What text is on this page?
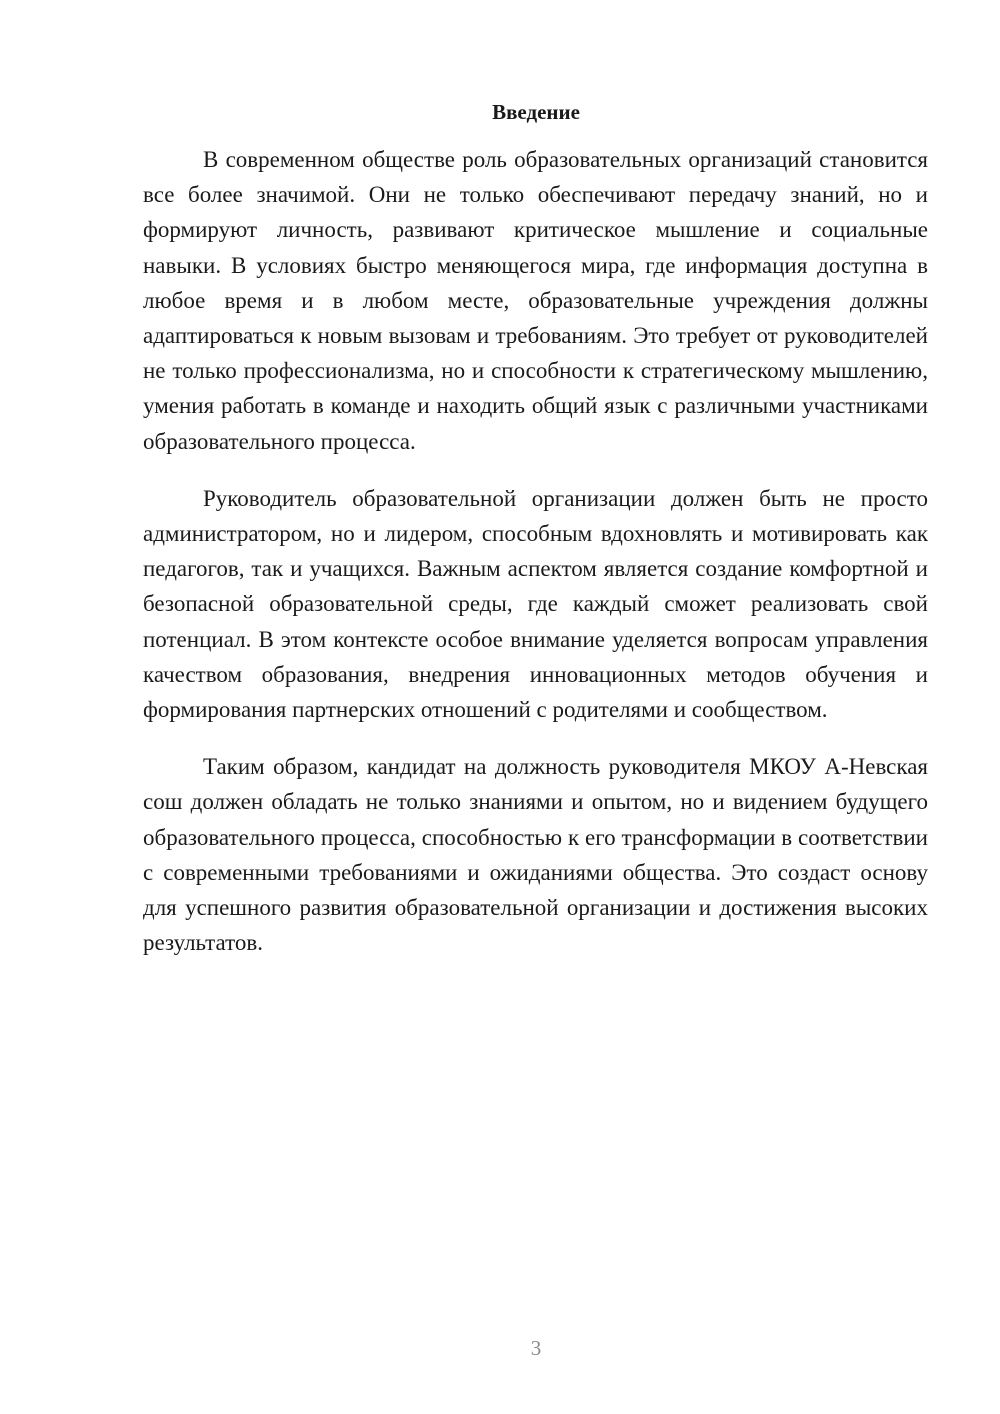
Введение

В современном обществе роль образовательных организаций становится все более значимой. Они не только обеспечивают передачу знаний, но и формируют личность, развивают критическое мышление и социальные навыки. В условиях быстро меняющегося мира, где информация доступна в любое время и в любом месте, образовательные учреждения должны адаптироваться к новым вызовам и требованиям. Это требует от руководителей не только профессионализма, но и способности к стратегическому мышлению, умения работать в команде и находить общий язык с различными участниками образовательного процесса.

Руководитель образовательной организации должен быть не просто администратором, но и лидером, способным вдохновлять и мотивировать как педагогов, так и учащихся. Важным аспектом является создание комфортной и безопасной образовательной среды, где каждый сможет реализовать свой потенциал. В этом контексте особое внимание уделяется вопросам управления качеством образования, внедрения инновационных методов обучения и формирования партнерских отношений с родителями и сообществом.

Таким образом, кандидат на должность руководителя МКОУ А-Невская сош должен обладать не только знаниями и опытом, но и видением будущего образовательного процесса, способностью к его трансформации в соответствии с современными требованиями и ожиданиями общества. Это создаст основу для успешного развития образовательной организации и достижения высоких результатов.

3
